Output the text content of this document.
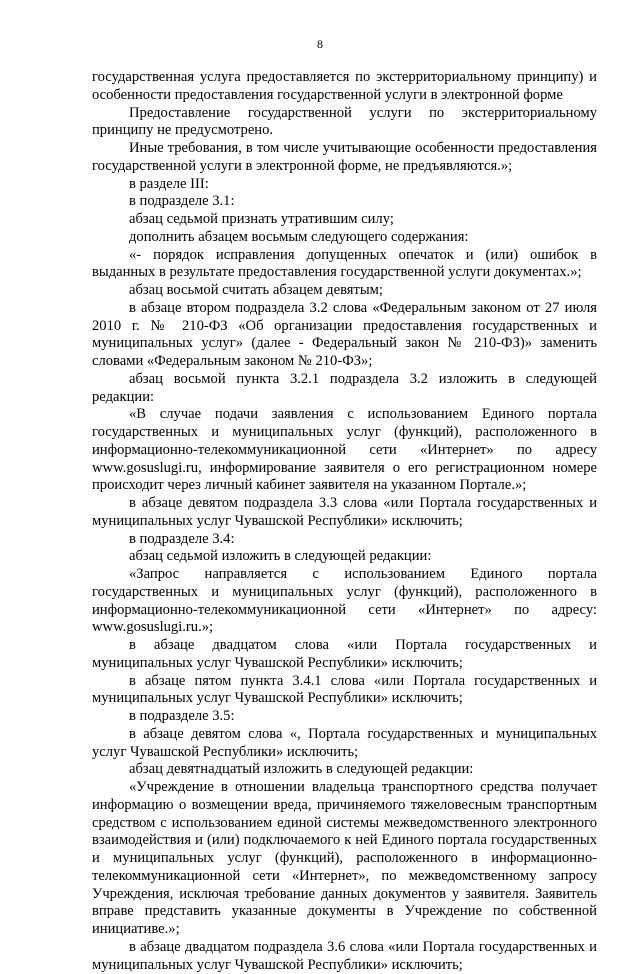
8

государственная услуга предоставляется по экстерриториальному принципу) и особенности предоставления государственной услуги в электронной форме

Предоставление государственной услуги по экстерриториальному принципу не предусмотрено.

Иные требования, в том числе учитывающие особенности предоставления государственной услуги в электронной форме, не предъявляются.»;

в разделе III:

в подразделе 3.1:

абзац седьмой признать утратившим силу;

дополнить абзацем восьмым следующего содержания:

«- порядок исправления допущенных опечаток и (или) ошибок в выданных в результате предоставления государственной услуги документах.»;

абзац восьмой считать абзацем девятым;

в абзаце втором подраздела 3.2 слова «Федеральным законом от 27 июля 2010 г. № 210-ФЗ «Об организации предоставления государственных и муниципальных услуг» (далее - Федеральный закон № 210-ФЗ)» заменить словами «Федеральным законом № 210-ФЗ»;

абзац восьмой пункта 3.2.1 подраздела 3.2 изложить в следующей редакции:

«В случае подачи заявления с использованием Единого портала государственных и муниципальных услуг (функций), расположенного в информационно-телекоммуникационной сети «Интернет» по адресу www.gosuslugi.ru, информирование заявителя о его регистрационном номере происходит через личный кабинет заявителя на указанном Портале.»;

в абзаце девятом подраздела 3.3 слова «или Портала государственных и муниципальных услуг Чувашской Республики» исключить;

в подразделе 3.4:

абзац седьмой изложить в следующей редакции:

«Запрос направляется с использованием Единого портала государственных и муниципальных услуг (функций), расположенного в информационно-телекоммуникационной сети «Интернет» по адресу: www.gosuslugi.ru.»;

в абзаце двадцатом слова «или Портала государственных и муниципальных услуг Чувашской Республики» исключить;

в абзаце пятом пункта 3.4.1 слова «или Портала государственных и муниципальных услуг Чувашской Республики» исключить;

в подразделе 3.5:

в абзаце девятом слова «, Портала государственных и муниципальных услуг Чувашской Республики» исключить;

абзац девятнадцатый изложить в следующей редакции:

«Учреждение в отношении владельца транспортного средства получает информацию о возмещении вреда, причиняемого тяжеловесным транспортным средством с использованием единой системы межведомственного электронного взаимодействия и (или) подключаемого к ней Единого портала государственных и муниципальных услуг (функций), расположенного в информационно-телекоммуникационной сети «Интернет», по межведомственному запросу Учреждения, исключая требование данных документов у заявителя. Заявитель вправе представить указанные документы в Учреждение по собственной инициативе.»;

в абзаце двадцатом подраздела 3.6 слова «или Портала государственных и муниципальных услуг Чувашской Республики» исключить;
